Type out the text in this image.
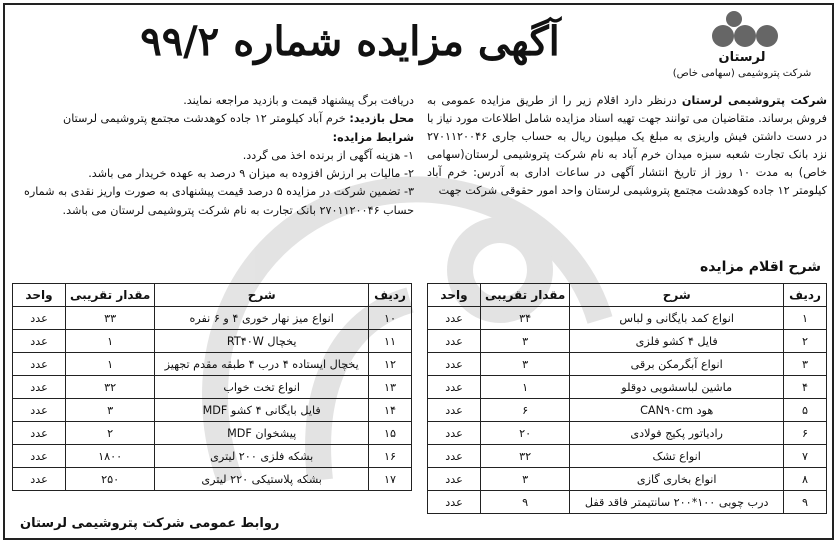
لرستان
شرکت پتروشیمی (سهامی خاص)
آگهی مزایده شماره ۹۹/۲
شرکت پتروشیمی لرستان درنظر دارد اقلام زیر را از طریق مزایده عمومی به فروش برساند. متقاضیان می توانند جهت تهیه اسناد مزایده شامل اطلاعات مورد نیاز با در دست داشتن فیش واریزی به مبلغ یک میلیون ریال به حساب جاری ۲۷۰۱۱۲۰۰۴۶ نزد بانک تجارت شعبه سبزه میدان خرم آباد به نام شرکت پتروشیمی لرستان(سهامی خاص) به مدت ۱۰ روز از تاریخ انتشار آگهی در ساعات اداری به آدرس: خرم آباد کیلومتر ۱۲ جاده کوهدشت مجتمع پتروشیمی لرستان واحد امور حقوقی شرکت جهت

دریافت برگ پیشنهاد قیمت و بازدید مراجعه نمایند.

محل بازدید: خرم آباد کیلومتر ۱۲ جاده کوهدشت مجتمع پتروشیمی لرستان

شرایط مزایده:

۱- هزینه آگهی از برنده اخذ می گردد.

۲- مالیات بر ارزش افزوده به میزان ۹ درصد به عهده خریدار می باشد.

۳- تضمین شرکت در مزایده ۵ درصد قیمت پیشنهادی به صورت واریز نقدی به شماره حساب ۲۷۰۱۱۲۰۰۴۶ بانک تجارت به نام شرکت پتروشیمی لرستان می باشد.

شرح اقلام مزایده
ردیف	شرح	مقدار تقریبی	واحد
۱	انواع کمد بایگانی و لباس	۳۴	عدد
۲	فایل ۴ کشو فلزی	۳	عدد
۳	انواع آبگرمکن برقی	۳	عدد
۴	ماشین لباسشویی دوقلو	۱	عدد
۵	هود CAN۹۰cm	۶	عدد
۶	رادیاتور پکیج فولادی	۲۰	عدد
۷	انواع تشک	۳۲	عدد
۸	انواع بخاری گازی	۳	عدد
۹	درب چوبی ۱۰۰*۲۰۰ سانتیمتر فاقد قفل	۹	عدد
ردیف	شرح	مقدار تقریبی	واحد
۱۰	انواع میز نهار خوری ۴ و ۶ نفره	۳۳	عدد
۱۱	یخچال RT۴۰W	۱	عدد
۱۲	یخچال ایستاده ۴ درب ۴ طبقه مقدم تجهیز	۱	عدد
۱۳	انواع تخت خواب	۳۲	عدد
۱۴	فایل بایگانی ۴ کشو MDF	۳	عدد
۱۵	پیشخوان MDF	۲	عدد
۱۶	بشکه فلزی ۲۰۰ لیتری	۱۸۰۰	عدد
۱۷	بشکه پلاستیکی ۲۲۰ لیتری	۲۵۰	عدد
روابط عمومی شرکت پتروشیمی لرستان
